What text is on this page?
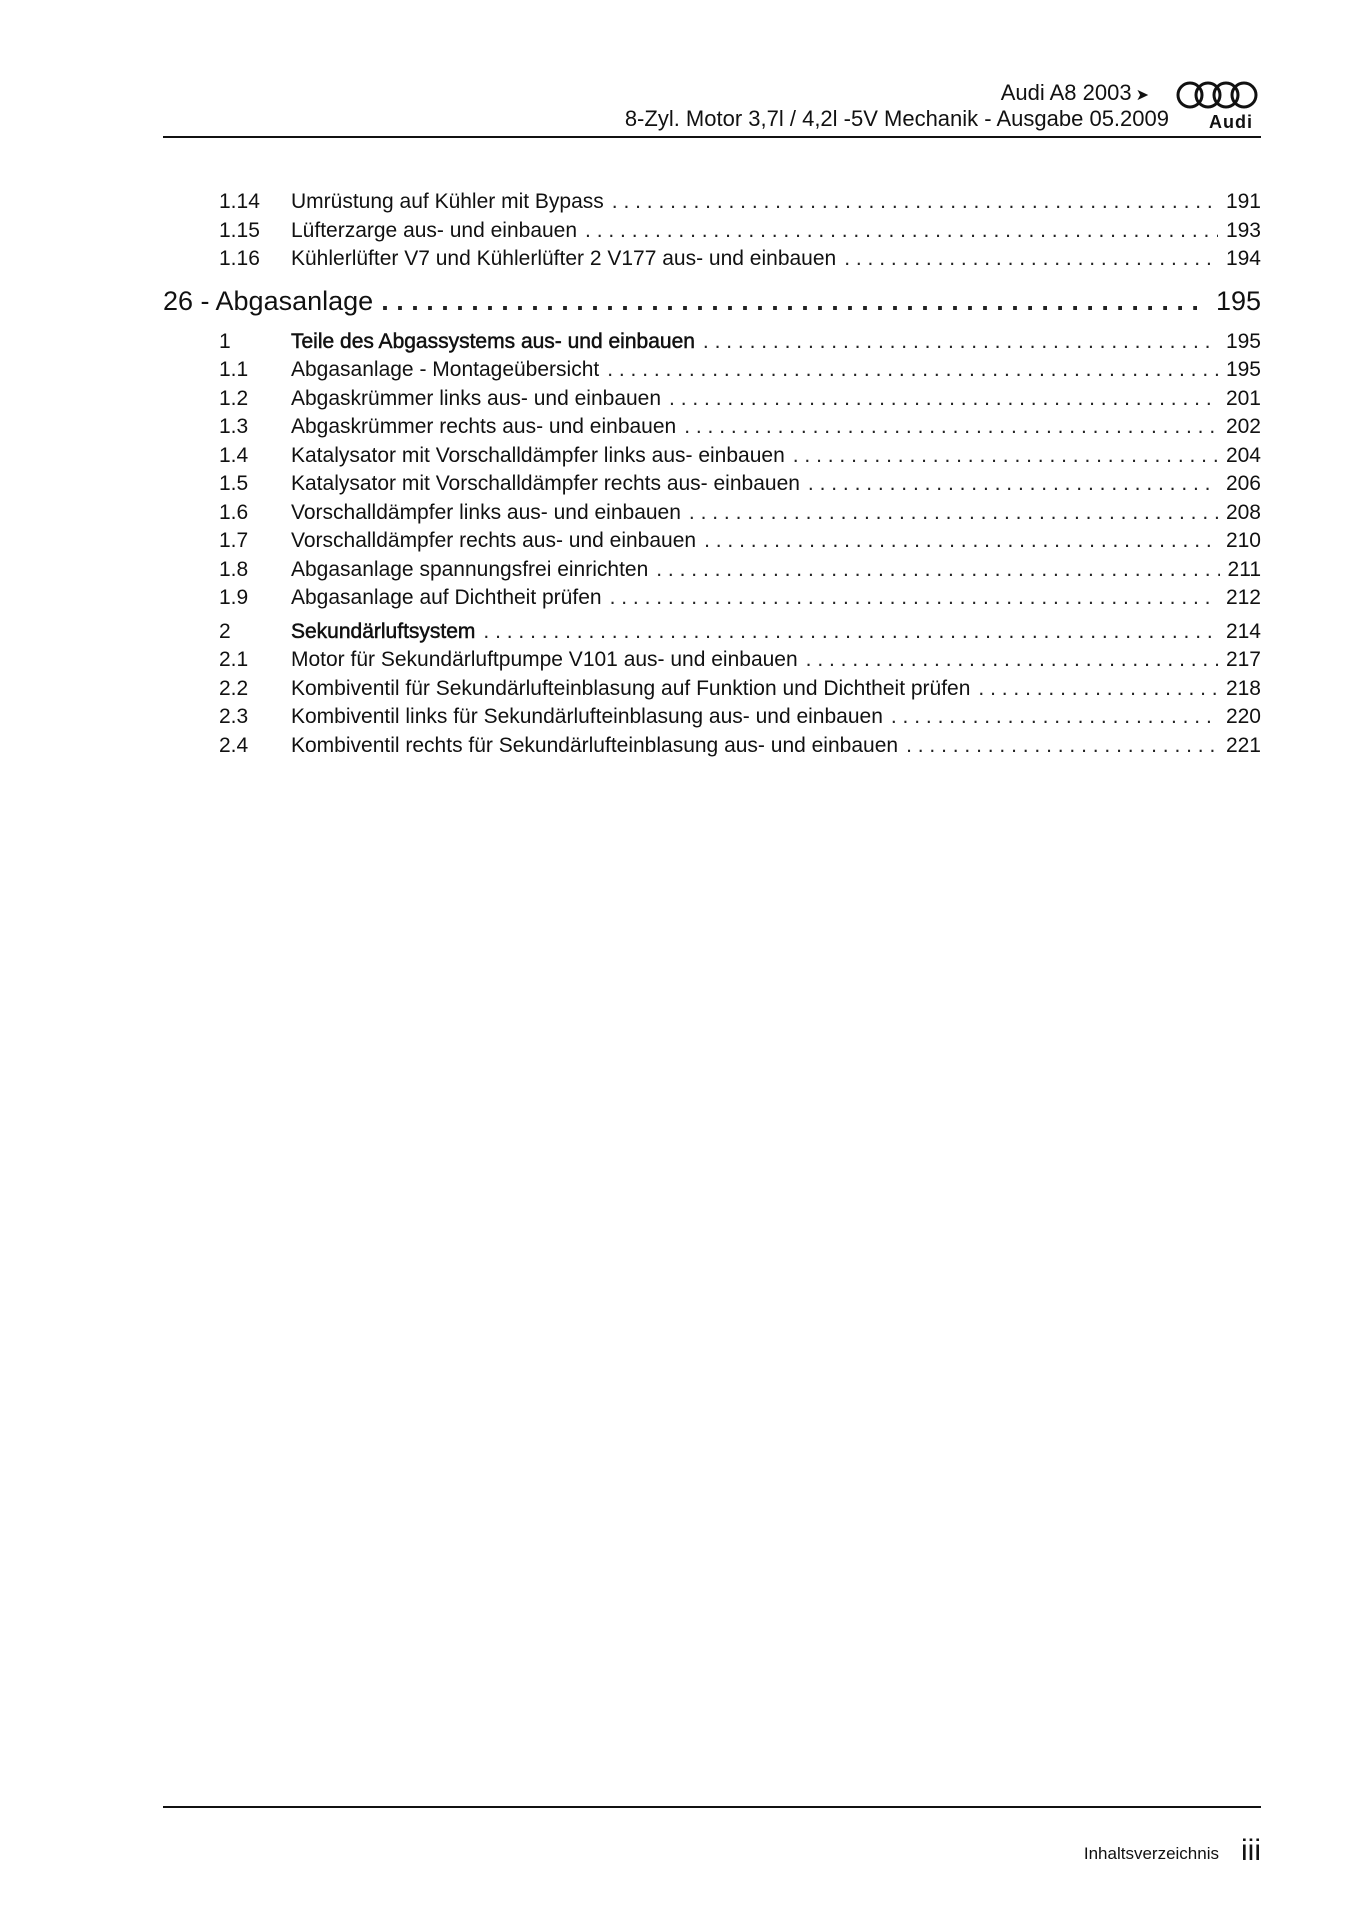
Audi A8 2003 ➤
8-Zyl. Motor 3,7l / 4,2l -5V Mechanik - Ausgabe 05.2009 Audi
1.14	Umrüstung auf Kühler mit Bypass . . .	191
1.15	Lüfterzarge aus- und einbauen . . .	193
1.16	Kühlerlüfter V7 und Kühlerlüfter 2 V177 aus- und einbauen . . .	194
26 - Abgasanlage . . .	195
1	Teile des Abgassystems aus- und einbauen . . .	195
1.1	Abgasanlage - Montageübersicht . . .	195
1.2	Abgaskrümmer links aus- und einbauen . . .	201
1.3	Abgaskrümmer rechts aus- und einbauen . . .	202
1.4	Katalysator mit Vorschalldämpfer links aus- einbauen . . .	204
1.5	Katalysator mit Vorschalldämpfer rechts aus- einbauen . . .	206
1.6	Vorschalldämpfer links aus- und einbauen . . .	208
1.7	Vorschalldämpfer rechts aus- und einbauen . . .	210
1.8	Abgasanlage spannungsfrei einrichten . . .	211
1.9	Abgasanlage auf Dichtheit prüfen . . .	212
2	Sekundärluftsystem . . .	214
2.1	Motor für Sekundärluftpumpe V101 aus- und einbauen . . .	217
2.2	Kombiventil für Sekundärlufteinblasung auf Funktion und Dichtheit prüfen . . .	218
2.3	Kombiventil links für Sekundärlufteinblasung aus- und einbauen . . .	220
2.4	Kombiventil rechts für Sekundärlufteinblasung aus- und einbauen . . .	221
Inhaltsverzeichnis iii
